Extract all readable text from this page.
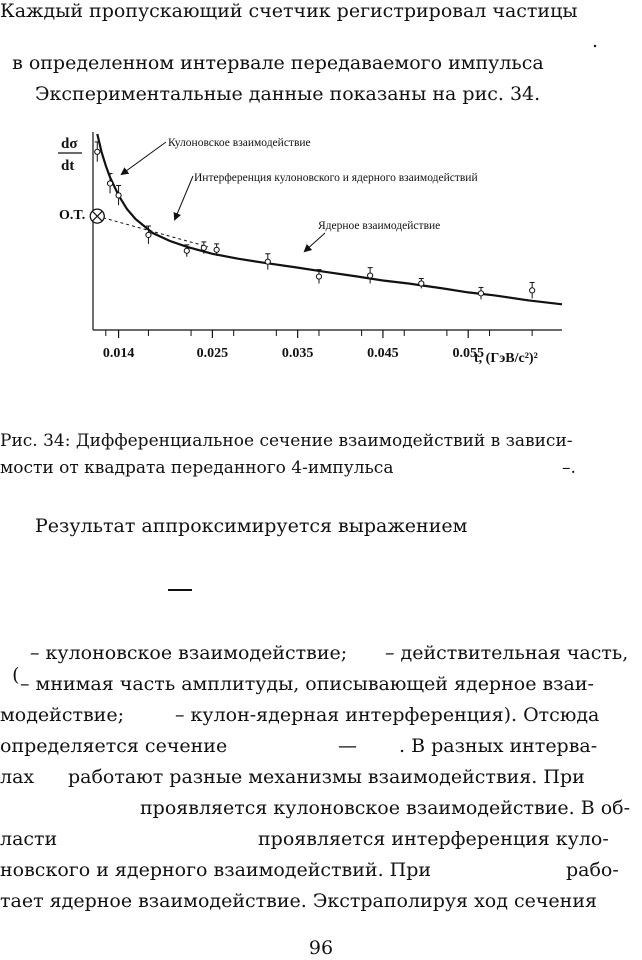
Каждый пропускающий счетчик регистрировал частицы

в определенном интервале передаваемого импульса

.
Экспериментальные данные показаны на рис. 34.
dσ
dt
O.T.
t, (ГэВ/c²)²
0.014	0.025	0.035	0.045	0.055
Кулоновское взаимодействие
Интерференция кулоновского и ядерного взаимодействий
Ядерное взаимодействие
Рис. 34: Дифференциальное сечение взаимодействий в зависи-
мости от квадрата переданного 4-импульса	–.
Результат аппроксимируется выражением

(

– кулоновское взаимодействие; – действительная часть,
– мнимая часть амплитуды, описывающей ядерное взаи-
модействие;	– кулон-ядерная интерференция). Отсюда
определяется сечение	— . В разных интерва-
лах работают разные механизмы взаимодействия. При
проявляется кулоновское взаимодействие. В об-
ласти	проявляется интерференция куло-
новского и ядерного взаимодействий. При	рабо-
тает ядерное взаимодействие. Экстраполируя ход сечения
96
